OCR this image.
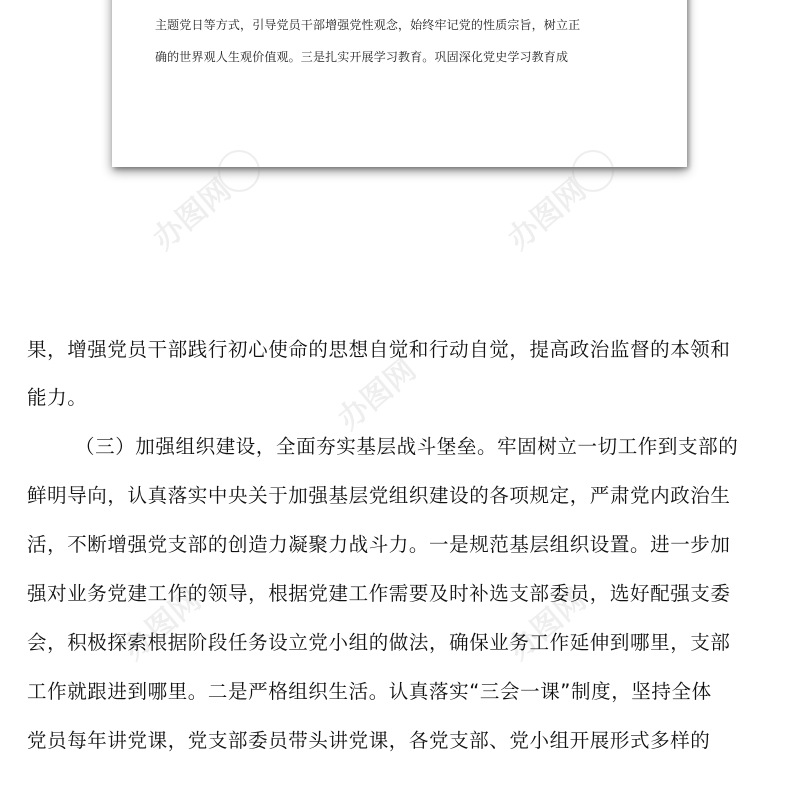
主题党日等方式，引导党员干部增强党性观念，始终牢记党的性质宗旨，树立正
确的世界观人生观价值观。三是扎实开展学习教育。巩固深化党史学习教育成
办图网	办图网
办图网
办图网	办图网
果，增强党员干部践行初心使命的思想自觉和行动自觉，提高政治监督的本领和
能力。
（三）加强组织建设，全面夯实基层战斗堡垒。牢固树立一切工作到支部的
鲜明导向，认真落实中央关于加强基层党组织建设的各项规定，严肃党内政治生
活，不断增强党支部的创造力凝聚力战斗力。一是规范基层组织设置。进一步加
强对业务党建工作的领导，根据党建工作需要及时补选支部委员，选好配强支委
会，积极探索根据阶段任务设立党小组的做法，确保业务工作延伸到哪里，支部
工作就跟进到哪里。二是严格组织生活。认真落实“三会一课”制度，坚持全体
党员每年讲党课，党支部委员带头讲党课，各党支部、党小组开展形式多样的
